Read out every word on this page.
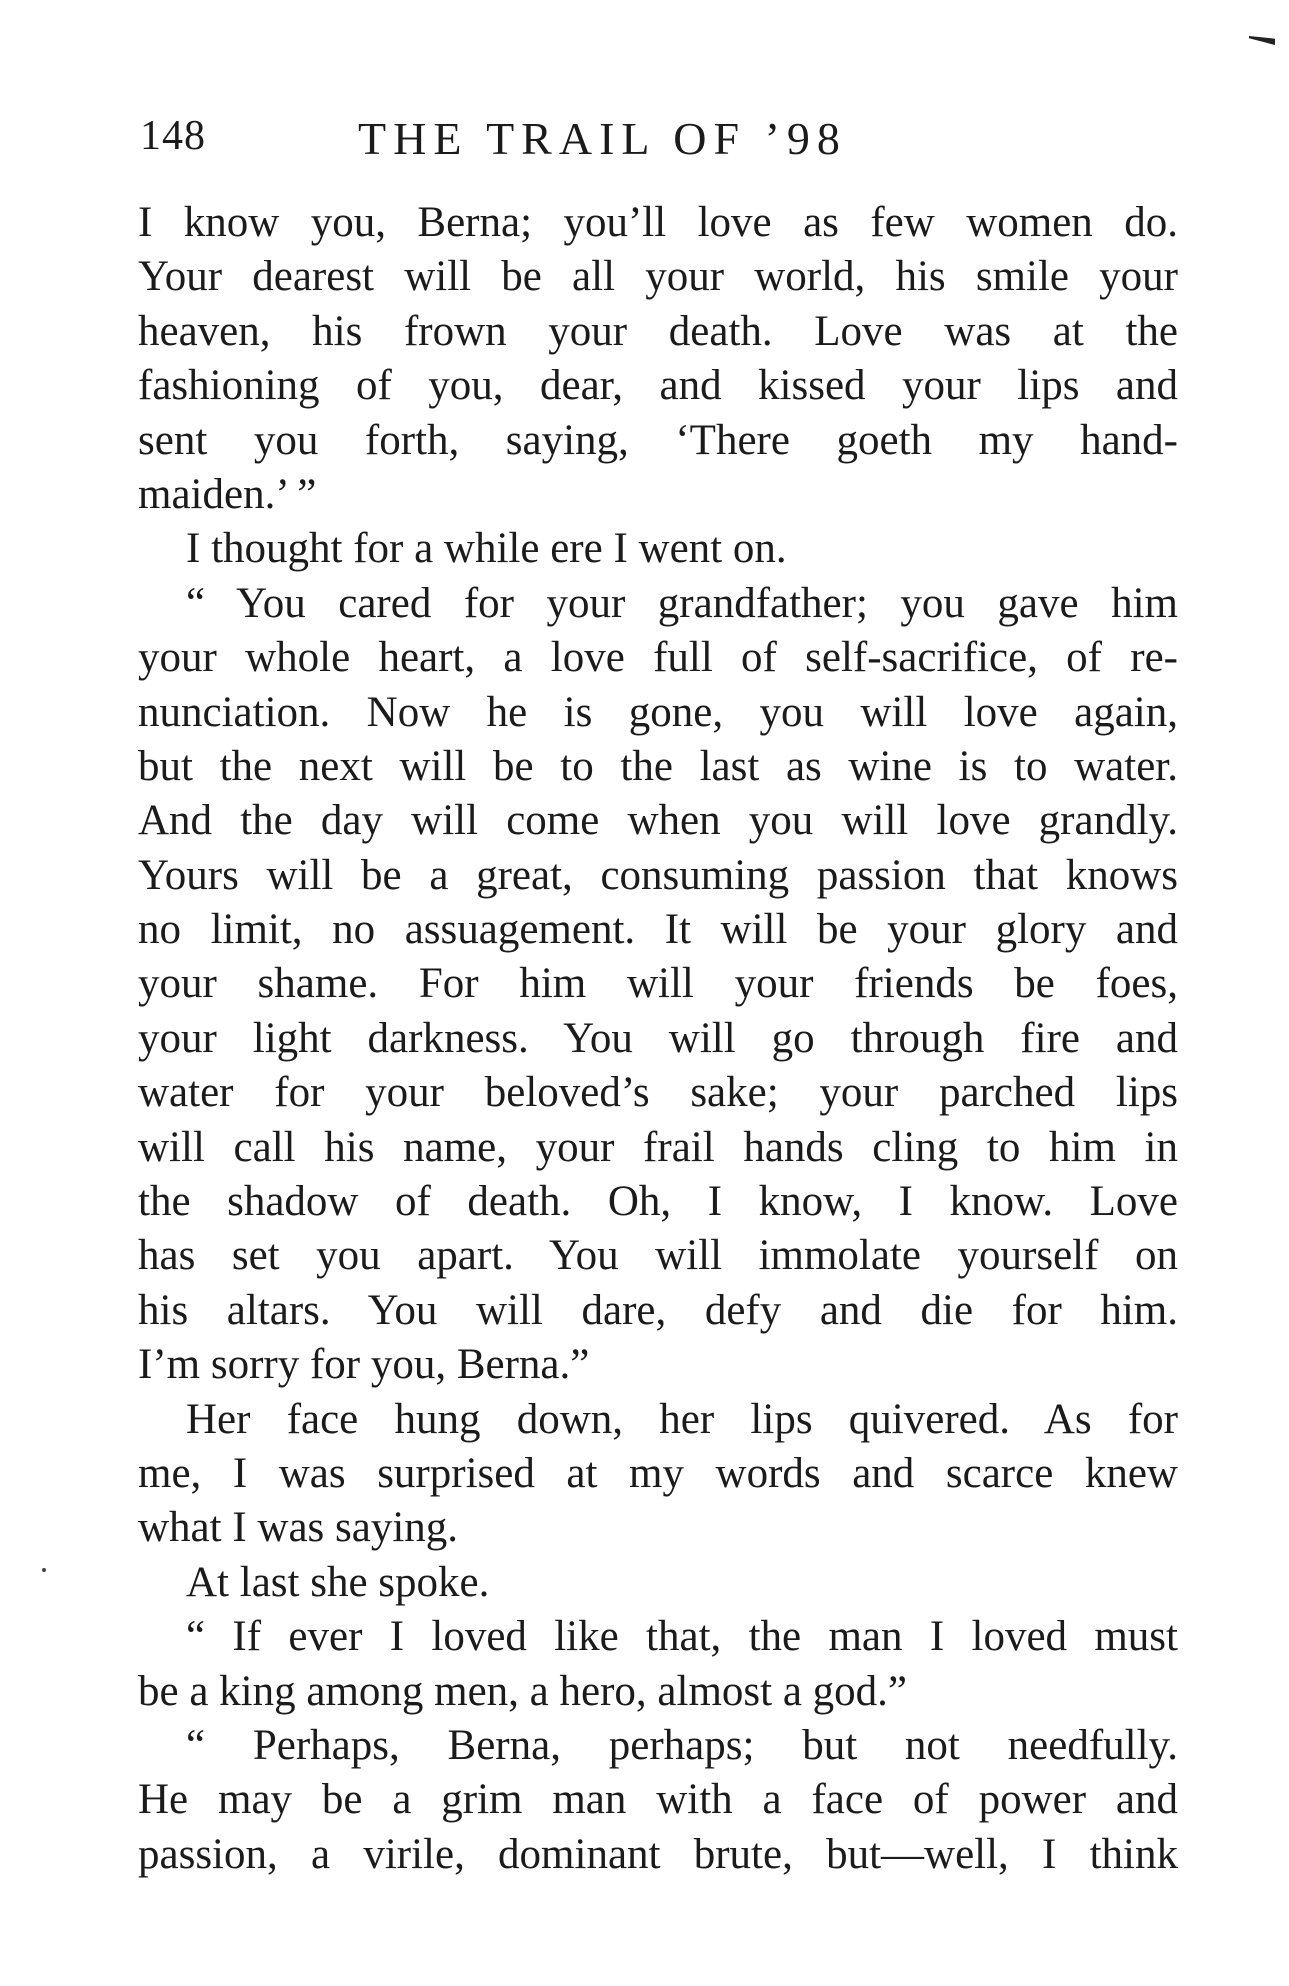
148	THE TRAIL OF ’98
I know you, Berna; you’ll love as few women do.
Your dearest will be all your world, his smile your
heaven, his frown your death. Love was at the
fashioning of you, dear, and kissed your lips and
sent you forth, saying, ‘There goeth my hand-
maiden.’ ”
I thought for a while ere I went on.
“ You cared for your grandfather; you gave him
your whole heart, a love full of self-sacrifice, of re-
nunciation. Now he is gone, you will love again,
but the next will be to the last as wine is to water.
And the day will come when you will love grandly.
Yours will be a great, consuming passion that knows
no limit, no assuagement. It will be your glory and
your shame. For him will your friends be foes,
your light darkness. You will go through fire and
water for your beloved’s sake; your parched lips
will call his name, your frail hands cling to him in
the shadow of death. Oh, I know, I know. Love
has set you apart. You will immolate yourself on
his altars. You will dare, defy and die for him.
I’m sorry for you, Berna.”
Her face hung down, her lips quivered. As for
me, I was surprised at my words and scarce knew
what I was saying.
At last she spoke.
“ If ever I loved like that, the man I loved must
be a king among men, a hero, almost a god.”
“ Perhaps, Berna, perhaps; but not needfully.
He may be a grim man with a face of power and
passion, a virile, dominant brute, but—well, I think
